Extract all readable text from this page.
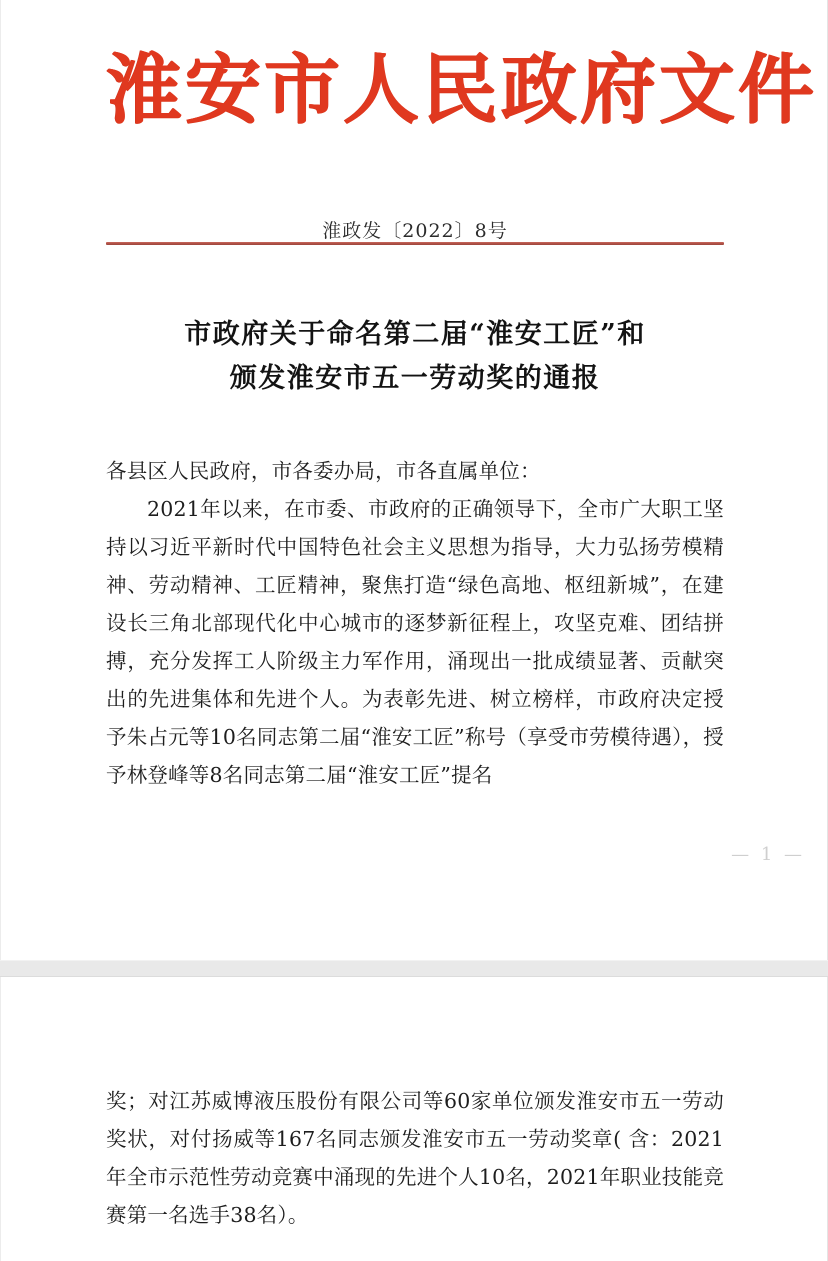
淮安市人民政府文件
淮政发〔2022〕8号
市政府关于命名第二届“淮安工匠”和
颁发淮安市五一劳动奖的通报

各县区人民政府，市各委办局，市各直属单位：

2021年以来，在市委、市政府的正确领导下，全市广大职工坚持以习近平新时代中国特色社会主义思想为指导，大力弘扬劳模精神、劳动精神、工匠精神，聚焦打造“绿色高地、枢纽新城”，在建设长三角北部现代化中心城市的逐梦新征程上，攻坚克难、团结拼搏，充分发挥工人阶级主力军作用，涌现出一批成绩显著、贡献突出的先进集体和先进个人。为表彰先进、树立榜样，市政府决定授予朱占元等10名同志第二届“淮安工匠”称号（享受市劳模待遇），授予林登峰等8名同志第二届“淮安工匠”提名

— 1 —

奖；对江苏威博液压股份有限公司等60家单位颁发淮安市五一劳动奖状，对付扬威等167名同志颁发淮安市五一劳动奖章( 含：2021年全市示范性劳动竞赛中涌现的先进个人10名，2021年职业技能竞赛第一名选手38名）。
